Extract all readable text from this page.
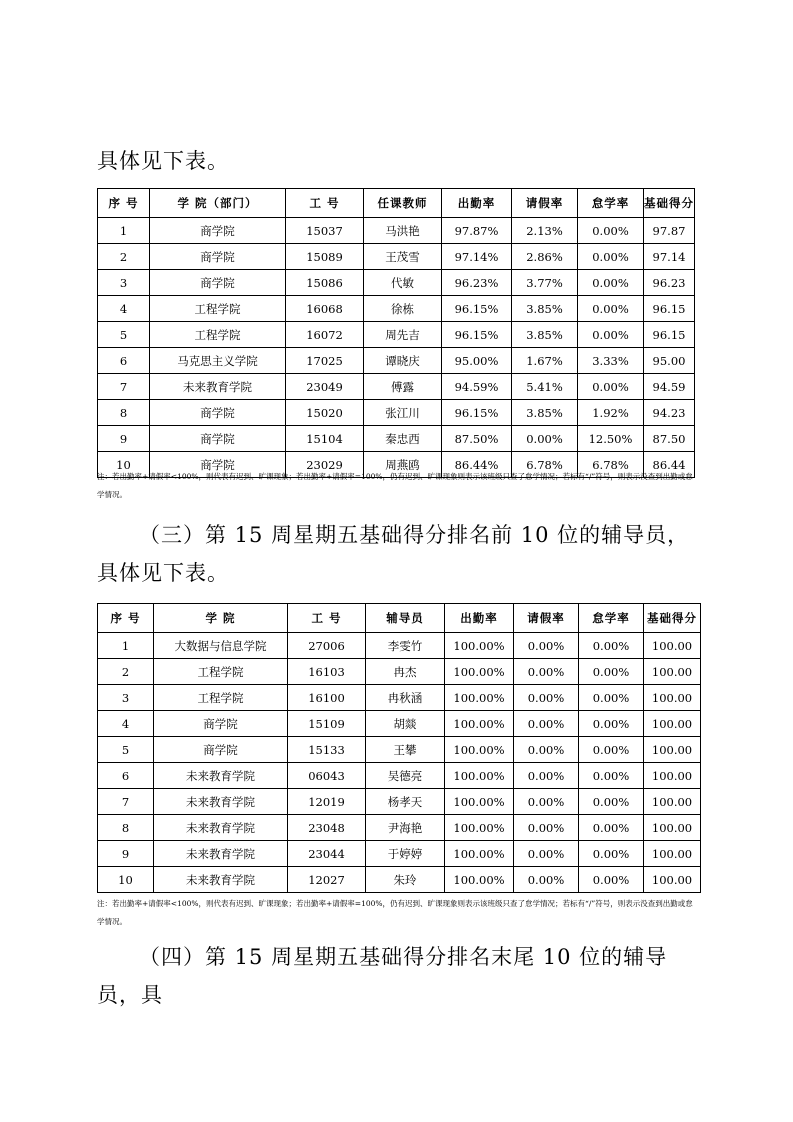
具体见下表。

序 号	学 院（部门）	工 号	任课教师	出勤率	请假率	怠学率	基础得分
1	商学院	15037	马洪艳	97.87%	2.13%	0.00%	97.87
2	商学院	15089	王茂雪	97.14%	2.86%	0.00%	97.14
3	商学院	15086	代敏	96.23%	3.77%	0.00%	96.23
4	工程学院	16068	徐栋	96.15%	3.85%	0.00%	96.15
5	工程学院	16072	周先吉	96.15%	3.85%	0.00%	96.15
6	马克思主义学院	17025	谭晓庆	95.00%	1.67%	3.33%	95.00
7	未来教育学院	23049	傅露	94.59%	5.41%	0.00%	94.59
8	商学院	15020	张江川	96.15%	3.85%	1.92%	94.23
9	商学院	15104	秦忠西	87.50%	0.00%	12.50%	87.50
10	商学院	23029	周燕鸥	86.44%	6.78%	6.78%	86.44

注：若出勤率+请假率<100%，则代表有迟到、旷课现象；若出勤率+请假率=100%，仍有迟到、旷课现象则表示该班级只查了怠学情况；若标有“/”符号，则表示没查到出勤或怠学情况。

（三）第 15 周星期五基础得分排名前 10 位的辅导员，具体见下表。

序 号	学 院	工 号	辅导员	出勤率	请假率	怠学率	基础得分
1	大数据与信息学院	27006	李雯竹	100.00%	0.00%	0.00%	100.00
2	工程学院	16103	冉杰	100.00%	0.00%	0.00%	100.00
3	工程学院	16100	冉秋涵	100.00%	0.00%	0.00%	100.00
4	商学院	15109	胡燚	100.00%	0.00%	0.00%	100.00
5	商学院	15133	王攀	100.00%	0.00%	0.00%	100.00
6	未来教育学院	06043	吴德亮	100.00%	0.00%	0.00%	100.00
7	未来教育学院	12019	杨孝天	100.00%	0.00%	0.00%	100.00
8	未来教育学院	23048	尹海艳	100.00%	0.00%	0.00%	100.00
9	未来教育学院	23044	于婷婷	100.00%	0.00%	0.00%	100.00
10	未来教育学院	12027	朱玲	100.00%	0.00%	0.00%	100.00

注：若出勤率+请假率<100%，则代表有迟到、旷课现象；若出勤率+请假率=100%，仍有迟到、旷课现象则表示该班级只查了怠学情况；若标有“/”符号，则表示没查到出勤或怠学情况。

（四）第 15 周星期五基础得分排名末尾 10 位的辅导员，具
